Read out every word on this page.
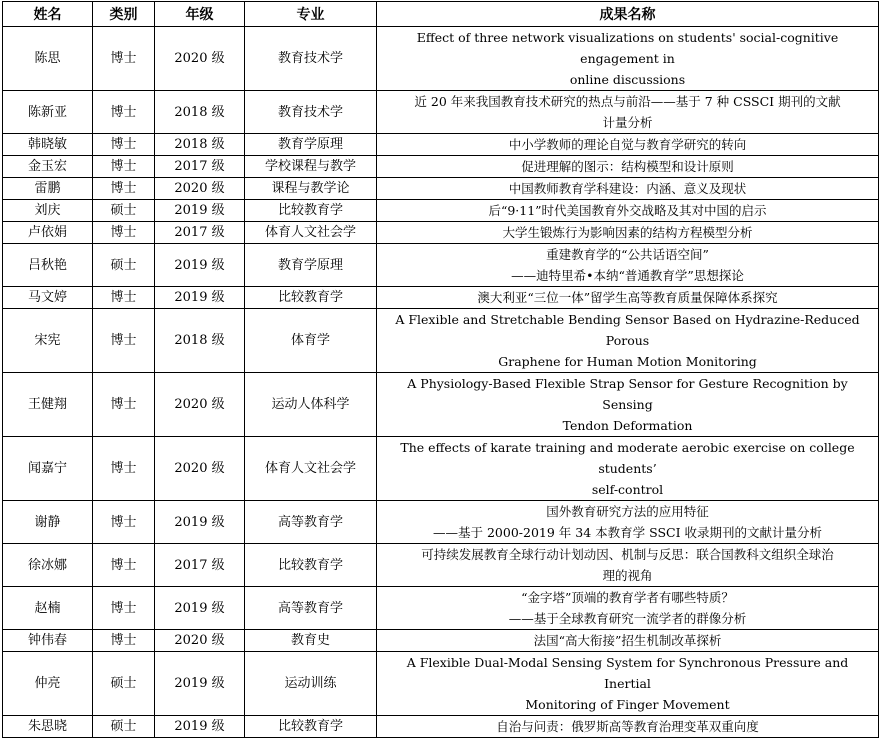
姓名	类别	年级	专业	成果名称
陈思	博士	2020 级	教育技术学	Effect of three network visualizations on students' social-cognitive engagement in
online discussions

陈新亚	博士	2018 级	教育技术学	近 20 年来我国教育技术研究的热点与前沿——基于 7 种 CSSCI 期刊的文献
计量分析

韩晓敏	博士	2018 级	教育学原理	中小学教师的理论自觉与教育学研究的转向

金玉宏	博士	2017 级	学校课程与教学	促进理解的图示：结构模型和设计原则

雷鹏	博士	2020 级	课程与教学论	中国教师教育学科建设：内涵、意义及现状

刘庆	硕士	2019 级	比较教育学	后“9·11”时代美国教育外交战略及其对中国的启示

卢依娟	博士	2017 级	体育人文社会学	大学生锻炼行为影响因素的结构方程模型分析

吕秋艳	硕士	2019 级	教育学原理	重建教育学的“公共话语空间”
——迪特里希•本纳“普通教育学”思想探论

马文婷	博士	2019 级	比较教育学	澳大利亚“三位一体”留学生高等教育质量保障体系探究

宋宪	博士	2018 级	体育学	A Flexible and Stretchable Bending Sensor Based on Hydrazine-Reduced Porous
Graphene for Human Motion Monitoring

王健翔	博士	2020 级	运动人体科学	A Physiology-Based Flexible Strap Sensor for Gesture Recognition by Sensing
Tendon Deformation

闻嘉宁	博士	2020 级	体育人文社会学	The effects of karate training and moderate aerobic exercise on college students’
self-control

谢静	博士	2019 级	高等教育学	国外教育研究方法的应用特征
——基于 2000-2019 年 34 本教育学 SSCI 收录期刊的文献计量分析

徐冰娜	博士	2017 级	比较教育学	可持续发展教育全球行动计划动因、机制与反思：联合国教科文组织全球治
理的视角

赵楠	博士	2019 级	高等教育学	“金字塔”顶端的教育学者有哪些特质？
——基于全球教育研究一流学者的群像分析

钟伟春	博士	2020 级	教育史	法国“高大衔接”招生机制改革探析

仲亮	硕士	2019 级	运动训练	A Flexible Dual-Modal Sensing System for Synchronous Pressure and Inertial
Monitoring of Finger Movement

朱思晓	硕士	2019 级	比较教育学	自治与问责：俄罗斯高等教育治理变革双重向度
